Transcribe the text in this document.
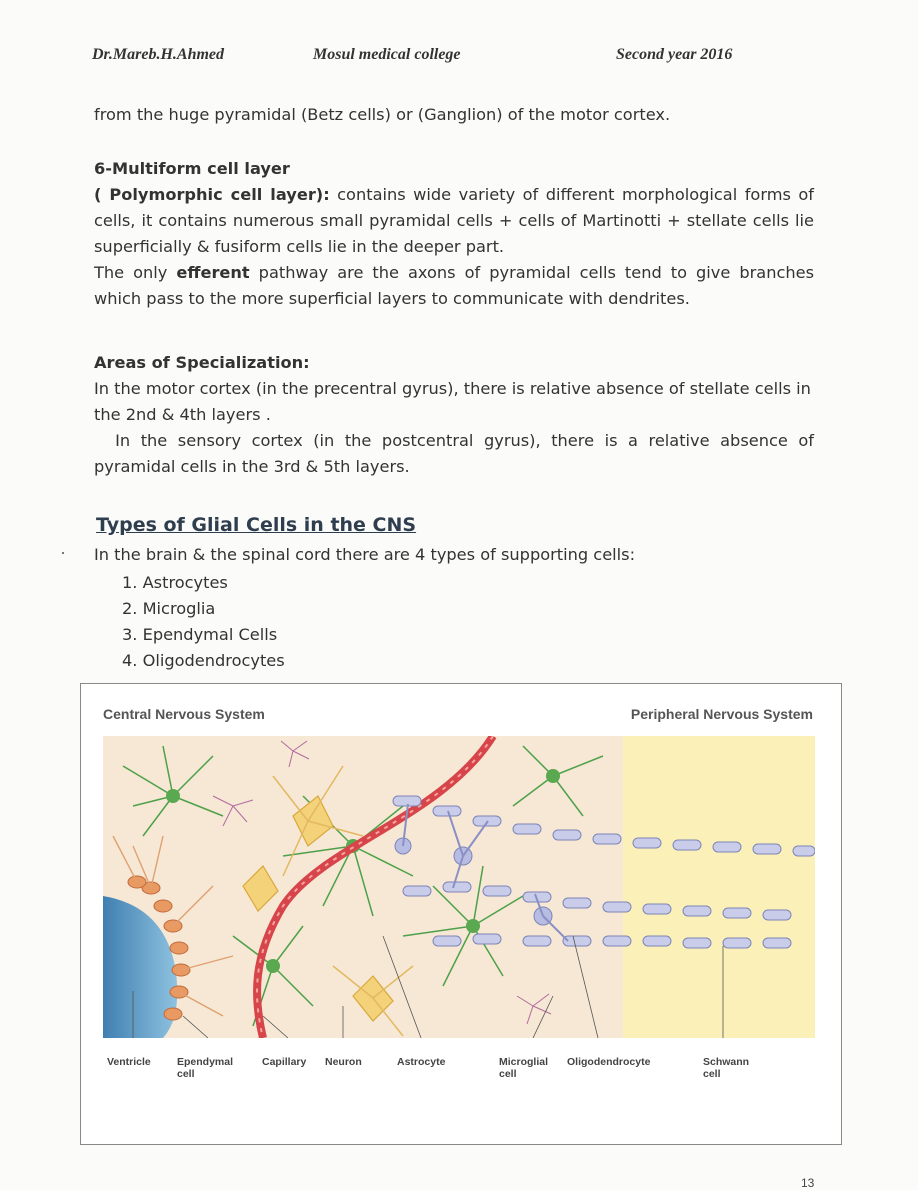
Dr.Mareb.H.Ahmed	Mosul medical college	Second year 2016
from the huge pyramidal (Betz cells) or (Ganglion) of the motor cortex.

6-Multiform cell layer

( Polymorphic cell layer): contains wide variety of different morphological forms of cells, it contains numerous small pyramidal cells + cells of Martinotti + stellate cells lie superficially & fusiform cells lie in the deeper part.

The only efferent pathway are the axons of pyramidal cells tend to give branches which pass to the more superficial layers to communicate with dendrites.

Areas of Specialization:

In the motor cortex (in the precentral gyrus), there is relative absence of stellate cells in the 2nd & 4th layers .

In the sensory cortex (in the postcentral gyrus), there is a relative absence of pyramidal cells in the 3rd & 5th layers.

Types of Glial Cells in the CNS
In the brain & the spinal cord there are 4 types of supporting cells:
1. Astrocytes
2. Microglia
3. Ependymal Cells
4. Oligodendrocytes
Central Nervous System	Peripheral Nervous System
Ventricle Ependymal
cell
Capillary Neuron	Astrocyte	Microglial
cell
Oligodendrocyte	Schwann
cell
13
